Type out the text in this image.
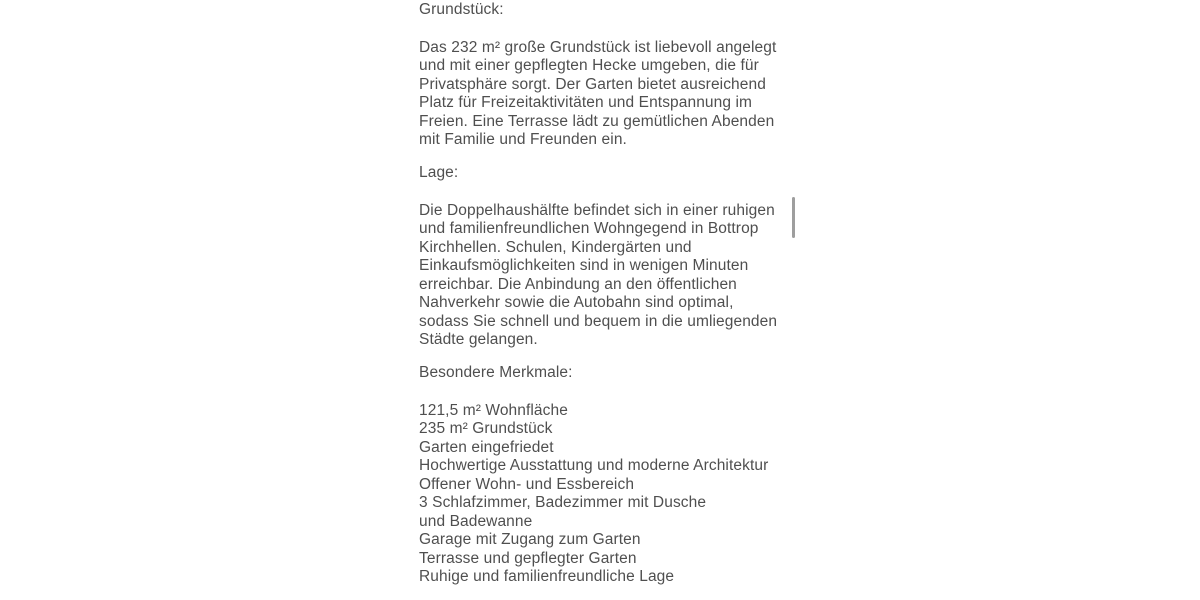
Grundstück:
Das 232 m² große Grundstück ist liebevoll angelegt
und mit einer gepflegten Hecke umgeben, die für
Privatsphäre sorgt. Der Garten bietet ausreichend
Platz für Freizeitaktivitäten und Entspannung im
Freien. Eine Terrasse lädt zu gemütlichen Abenden
mit Familie und Freunden ein.
Lage:
Die Doppelhaushälfte befindet sich in einer ruhigen
und familienfreundlichen Wohngegend in Bottrop
Kirchhellen. Schulen, Kindergärten und
Einkaufsmöglichkeiten sind in wenigen Minuten
erreichbar. Die Anbindung an den öffentlichen
Nahverkehr sowie die Autobahn sind optimal,
sodass Sie schnell und bequem in die umliegenden
Städte gelangen.
Besondere Merkmale:
121,5 m² Wohnfläche
235 m² Grundstück
Garten eingefriedet
Hochwertige Ausstattung und moderne Architektur
Offener Wohn- und Essbereich
3 Schlafzimmer, Badezimmer mit Dusche
und Badewanne
Garage mit Zugang zum Garten
Terrasse und gepflegter Garten
Ruhige und familienfreundliche Lage
